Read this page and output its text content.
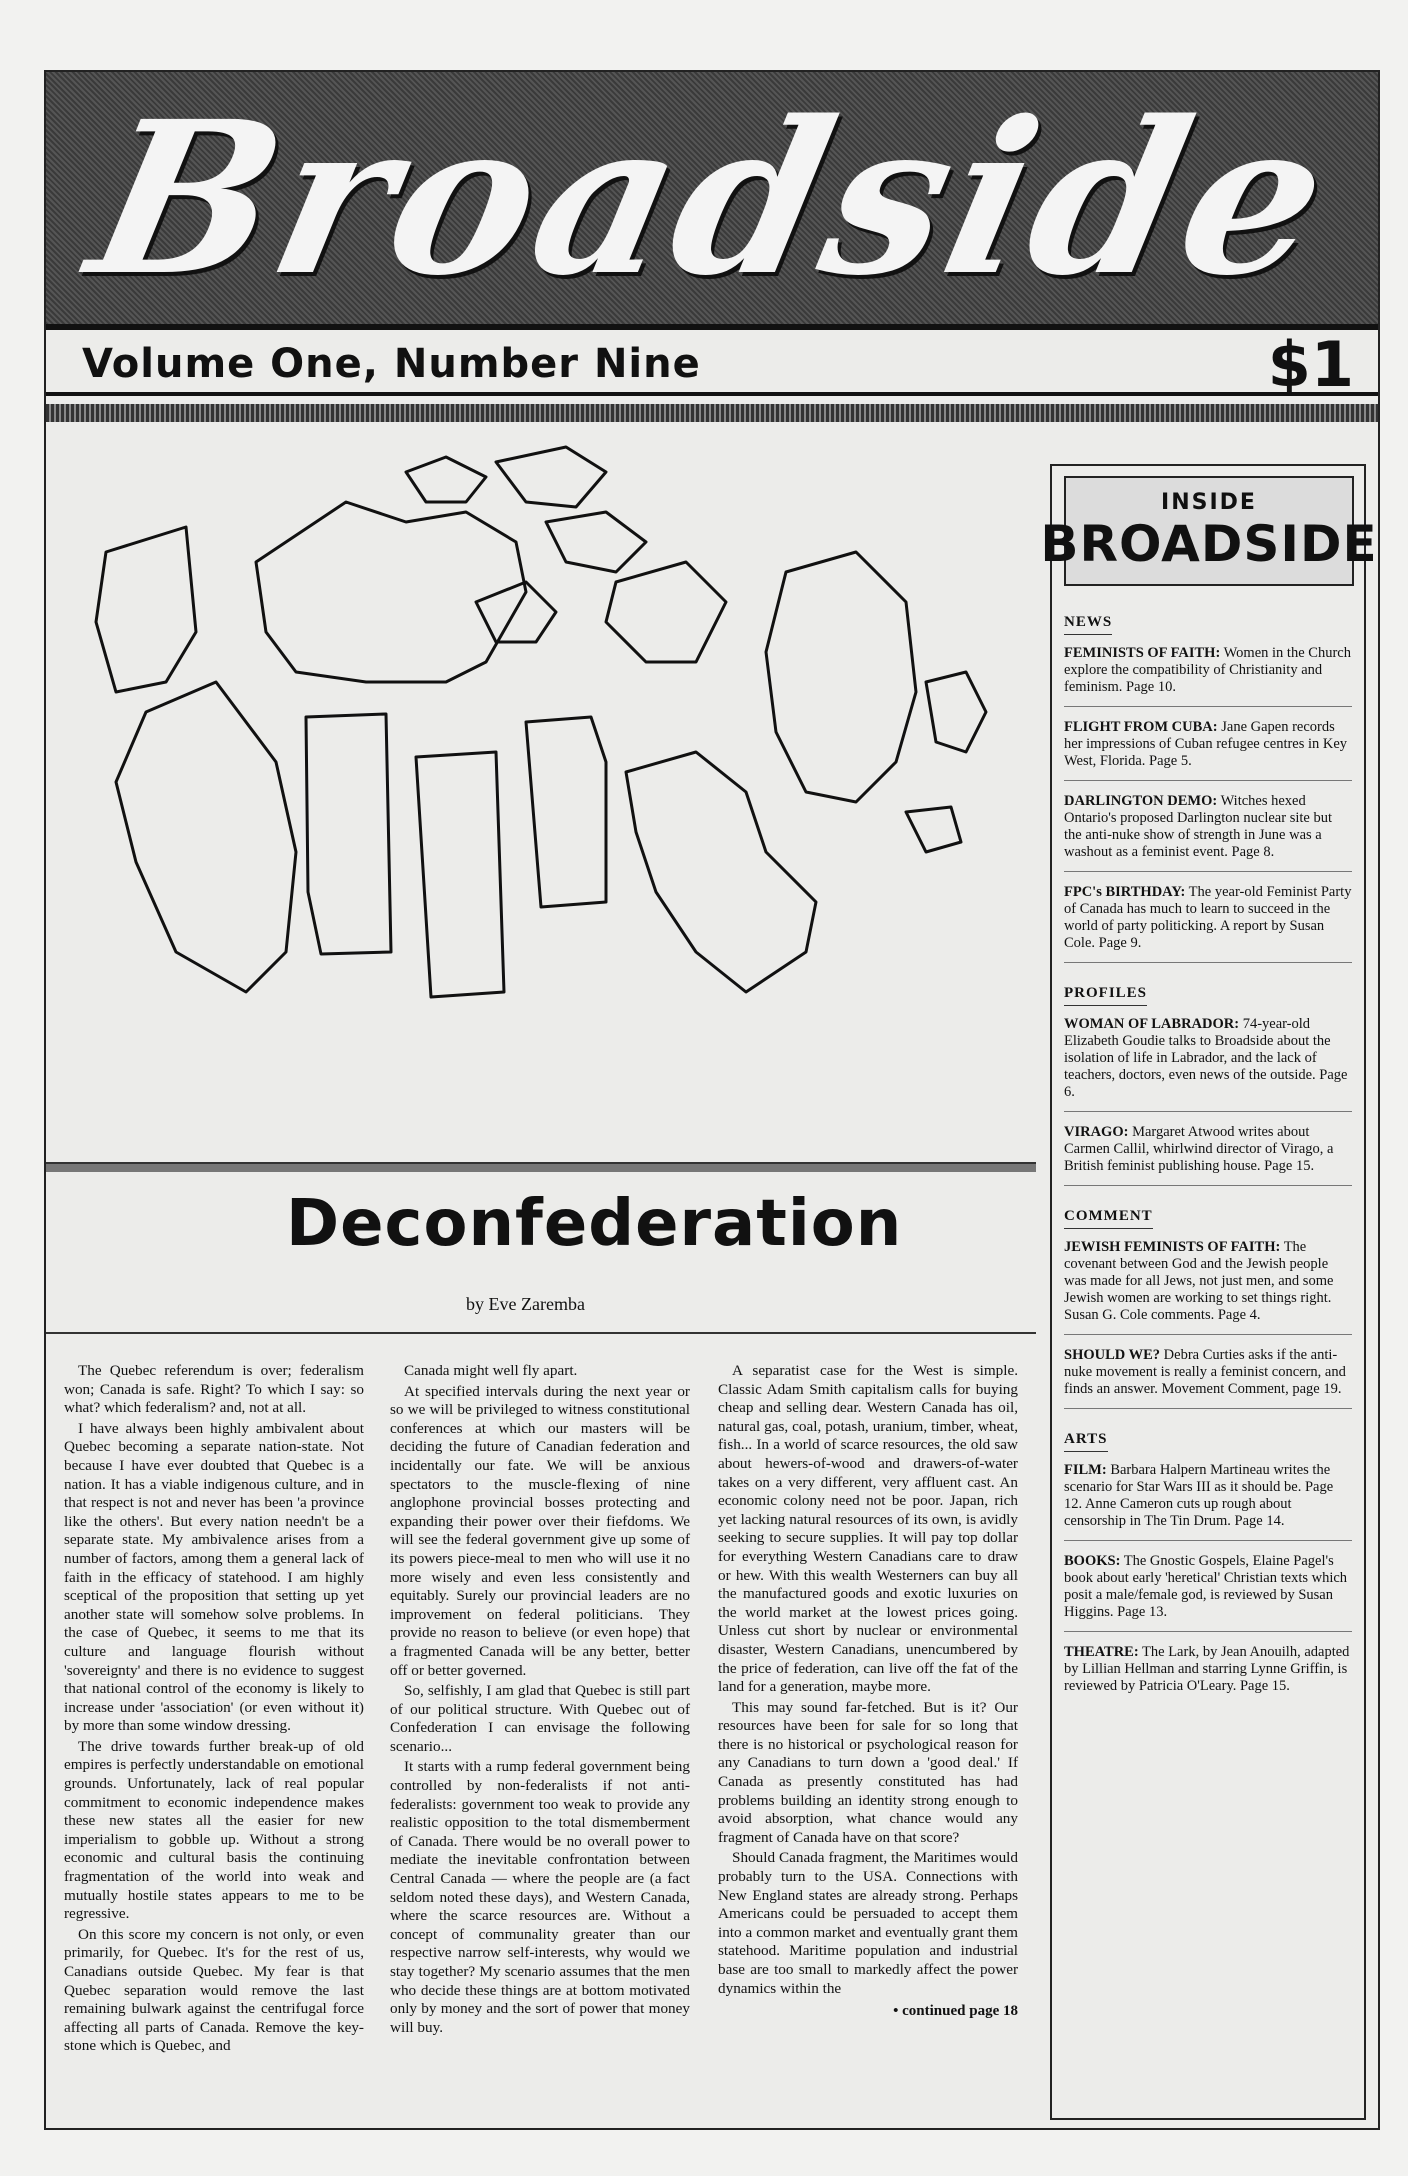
Broadside
Volume One, Number Nine	$1
Deconfederation
by Eve Zaremba

The Quebec referendum is over; federalism won; Canada is safe. Right? To which I say: so what? which federalism? and, not at all.

I have always been highly ambivalent about Quebec becoming a separate nation-state. Not because I have ever doubted that Quebec is a nation. It has a viable indigenous culture, and in that respect is not and never has been 'a province like the others'. But every nation needn't be a separate state. My ambivalence arises from a number of factors, among them a general lack of faith in the efficacy of statehood. I am highly sceptical of the proposition that setting up yet another state will somehow solve problems. In the case of Quebec, it seems to me that its culture and language flourish without 'sovereignty' and there is no evidence to suggest that national control of the economy is likely to increase under 'association' (or even without it) by more than some window dressing.

The drive towards further break-up of old empires is perfectly understandable on emotional grounds. Unfortunately, lack of real popular commitment to economic independence makes these new states all the easier for new imperialism to gobble up. Without a strong economic and cultural basis the continuing fragmentation of the world into weak and mutually hostile states appears to me to be regressive.

On this score my concern is not only, or even primarily, for Quebec. It's for the rest of us, Canadians outside Quebec. My fear is that Quebec separation would remove the last remaining bulwark against the centrifugal force affecting all parts of Canada. Remove the key-stone which is Quebec, and

Canada might well fly apart.

At specified intervals during the next year or so we will be privileged to witness constitutional conferences at which our masters will be deciding the future of Canadian federation and incidentally our fate. We will be anxious spectators to the muscle-flexing of nine anglophone provincial bosses protecting and expanding their power over their fiefdoms. We will see the federal government give up some of its powers piece-meal to men who will use it no more wisely and even less consistently and equitably. Surely our provincial leaders are no improvement on federal politicians. They provide no reason to believe (or even hope) that a fragmented Canada will be any better, better off or better governed.

So, selfishly, I am glad that Quebec is still part of our political structure. With Quebec out of Confederation I can envisage the following scenario...

It starts with a rump federal government being controlled by non-federalists if not anti-federalists: government too weak to provide any realistic opposition to the total dismemberment of Canada. There would be no overall power to mediate the inevitable confrontation between Central Canada — where the people are (a fact seldom noted these days), and Western Canada, where the scarce resources are. Without a concept of communality greater than our respective narrow self-interests, why would we stay together? My scenario assumes that the men who decide these things are at bottom motivated only by money and the sort of power that money will buy.

A separatist case for the West is simple. Classic Adam Smith capitalism calls for buying cheap and selling dear. Western Canada has oil, natural gas, coal, potash, uranium, timber, wheat, fish... In a world of scarce resources, the old saw about hewers-of-wood and drawers-of-water takes on a very different, very affluent cast. An economic colony need not be poor. Japan, rich yet lacking natural resources of its own, is avidly seeking to secure supplies. It will pay top dollar for everything Western Canadians care to draw or hew. With this wealth Westerners can buy all the manufactured goods and exotic luxuries on the world market at the lowest prices going. Unless cut short by nuclear or environmental disaster, Western Canadians, unencumbered by the price of federation, can live off the fat of the land for a generation, maybe more.

This may sound far-fetched. But is it? Our resources have been for sale for so long that there is no historical or psychological reason for any Canadians to turn down a 'good deal.' If Canada as presently constituted has had problems building an identity strong enough to avoid absorption, what chance would any fragment of Canada have on that score?

Should Canada fragment, the Maritimes would probably turn to the USA. Connections with New England states are already strong. Perhaps Americans could be persuaded to accept them into a common market and eventually grant them statehood. Maritime population and industrial base are too small to markedly affect the power dynamics within the

• continued page 18
INSIDE
BROADSIDE
NEWS
FEMINISTS OF FAITH: Women in the Church explore the compatibility of Christianity and feminism. Page 10.
FLIGHT FROM CUBA: Jane Gapen records her impressions of Cuban refugee centres in Key West, Florida. Page 5.
DARLINGTON DEMO: Witches hexed Ontario's proposed Darlington nuclear site but the anti-nuke show of strength in June was a washout as a feminist event. Page 8.
FPC's BIRTHDAY: The year-old Feminist Party of Canada has much to learn to succeed in the world of party politicking. A report by Susan Cole. Page 9.
PROFILES
WOMAN OF LABRADOR: 74-year-old Elizabeth Goudie talks to Broadside about the isolation of life in Labrador, and the lack of teachers, doctors, even news of the outside. Page 6.
VIRAGO: Margaret Atwood writes about Carmen Callil, whirlwind director of Virago, a British feminist publishing house. Page 15.
COMMENT
JEWISH FEMINISTS OF FAITH: The covenant between God and the Jewish people was made for all Jews, not just men, and some Jewish women are working to set things right. Susan G. Cole comments. Page 4.
SHOULD WE? Debra Curties asks if the anti-nuke movement is really a feminist concern, and finds an answer. Movement Comment, page 19.
ARTS
FILM: Barbara Halpern Martineau writes the scenario for Star Wars III as it should be. Page 12. Anne Cameron cuts up rough about censorship in The Tin Drum. Page 14.
BOOKS: The Gnostic Gospels, Elaine Pagel's book about early 'heretical' Christian texts which posit a male/female god, is reviewed by Susan Higgins. Page 13.
THEATRE: The Lark, by Jean Anouilh, adapted by Lillian Hellman and starring Lynne Griffin, is reviewed by Patricia O'Leary. Page 15.
